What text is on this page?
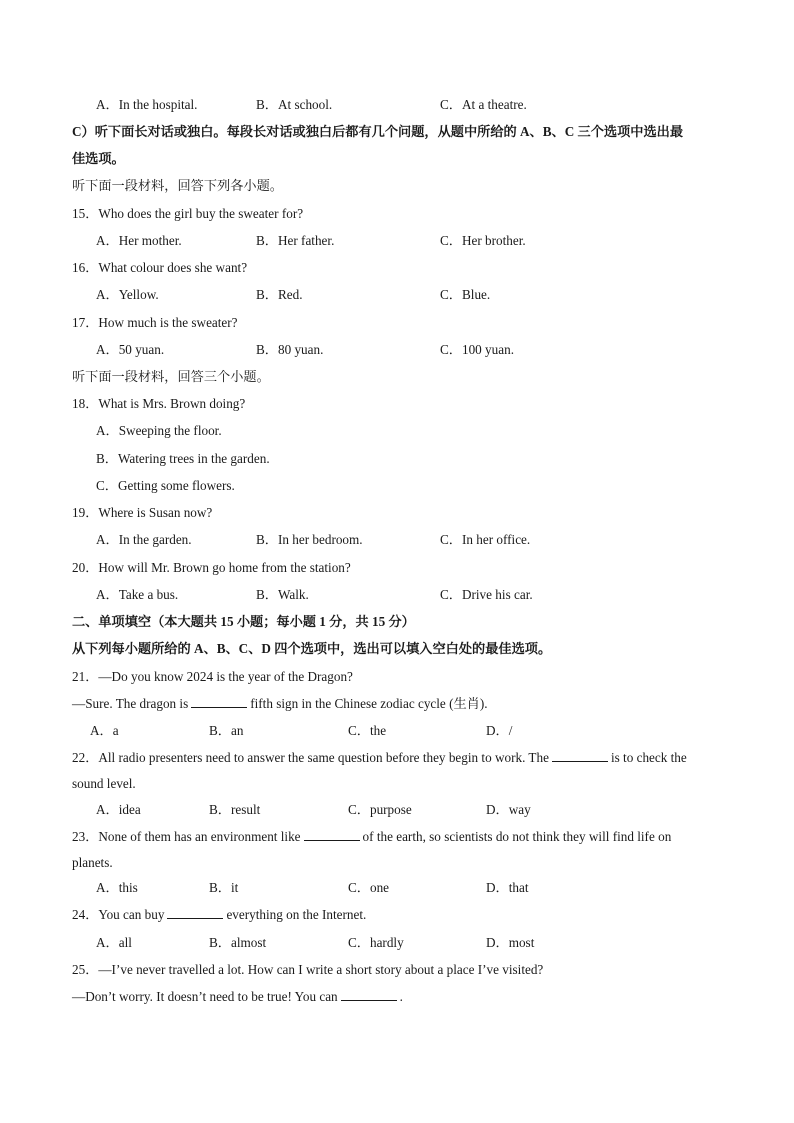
A．In the hospital.	B．At school.	C．At a theatre.
C）听下面长对话或独白。每段长对话或独白后都有几个问题，从题中所给的 A、B、C 三个选项中选出最
佳选项。
听下面一段材料，回答下列各小题。
15．Who does the girl buy the sweater for?
A．Her mother.	B．Her father.	C．Her brother.
16．What colour does she want?
A．Yellow.	B．Red.	C．Blue.
17．How much is the sweater?
A．50 yuan.	B．80 yuan.	C．100 yuan.
听下面一段材料，回答三个小题。
18．What is Mrs. Brown doing?
A．Sweeping the floor.
B．Watering trees in the garden.
C．Getting some flowers.
19．Where is Susan now?
A．In the garden.	B．In her bedroom.	C．In her office.
20．How will Mr. Brown go home from the station?
A．Take a bus.	B．Walk.	C．Drive his car.
二、单项填空（本大题共 15 小题；每小题 1 分，共 15 分）
从下列每小题所给的 A、B、C、D 四个选项中，选出可以填入空白处的最佳选项。
21．—Do you know 2024 is the year of the Dragon?
—Sure. The dragon is	fifth sign in the Chinese zodiac cycle (生肖).
A．a	B．an	C．the	D．/
22．All radio presenters need to answer the same question before they begin to work. The	is to check the
sound level.
A．idea	B．result	C．purpose	D．way
23．None of them has an environment like	of the earth, so scientists do not think they will find life on
planets.
A．this	B．it	C．one	D．that
24．You can buy	everything on the Internet.
A．all	B．almost	C．hardly	D．most
25．—I’ve never travelled a lot. How can I write a short story about a place I’ve visited?
—Don’t worry. It doesn’t need to be true! You can	.
